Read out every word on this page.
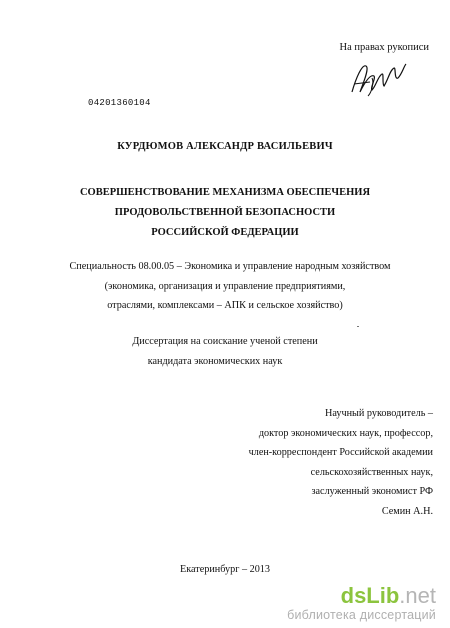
На правах рукописи
04201360104
КУРДЮМОВ АЛЕКСАНДР ВАСИЛЬЕВИЧ
СОВЕРШЕНСТВОВАНИЕ МЕХАНИЗМА ОБЕСПЕЧЕНИЯ
ПРОДОВОЛЬСТВЕННОЙ БЕЗОПАСНОСТИ
РОССИЙСКОЙ ФЕДЕРАЦИИ
Специальность 08.00.05 – Экономика и управление народным хозяйством
(экономика, организация и управление предприятиями,
отраслями, комплексами – АПК и сельское хозяйство)
Диссертация на соискание ученой степени
кандидата экономических наук
Научный руководитель –
доктор экономических наук, профессор,
член-корреспондент Российской академии
сельскохозяйственных наук,
заслуженный экономист РФ
Семин А.Н.
Екатеринбург – 2013
dsLib.net
библиотека диссертаций
